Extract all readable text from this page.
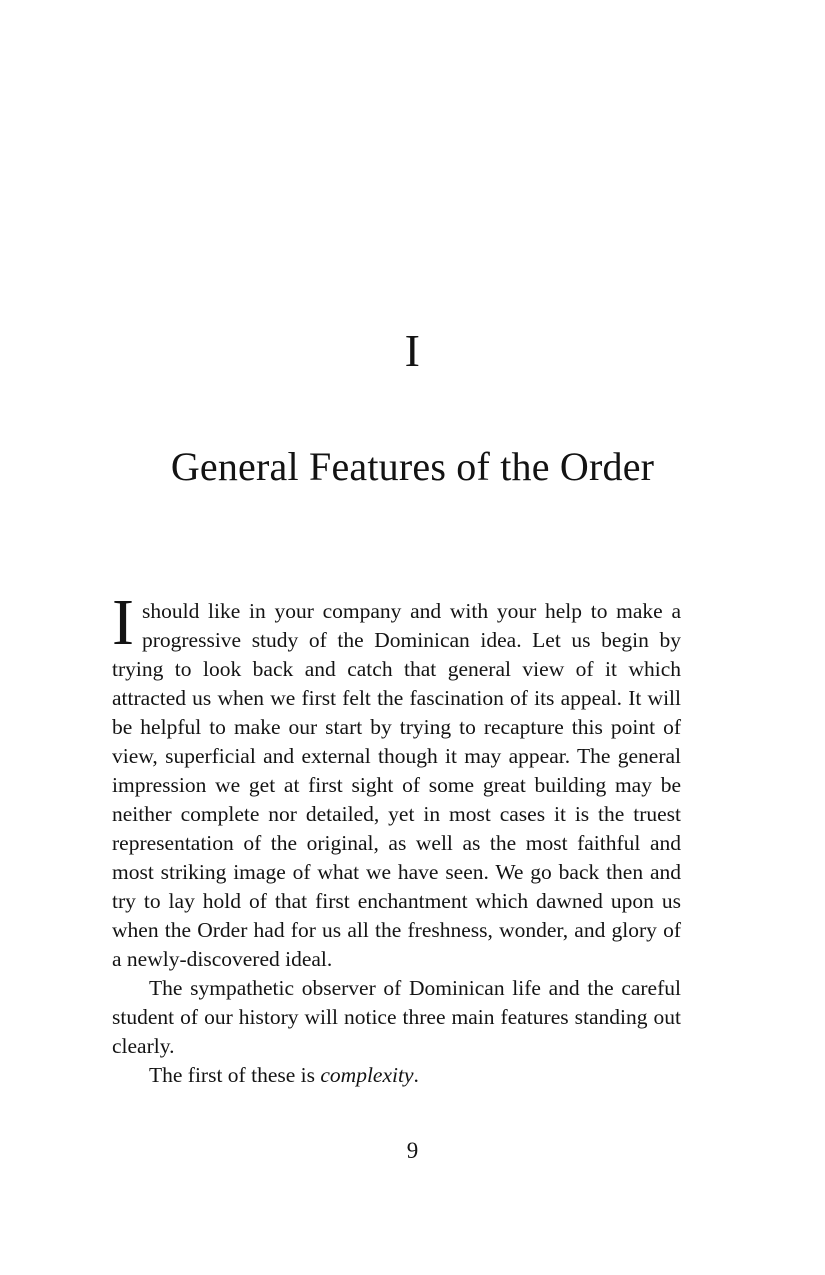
I
General Features of the Order

Ishould like in your company and with your help to make a progressive study of the Dominican idea. Let us begin by trying to look back and catch that general view of it which attracted us when we first felt the fascination of its appeal. It will be helpful to make our start by trying to recapture this point of view, superficial and external though it may appear. The general impression we get at first sight of some great building may be neither complete nor detailed, yet in most cases it is the truest representation of the original, as well as the most faithful and most striking image of what we have seen. We go back then and try to lay hold of that first enchantment which dawned upon us when the Order had for us all the freshness, wonder, and glory of a newly-discovered ideal.

The sympathetic observer of Dominican life and the careful student of our history will notice three main features standing out clearly.

The first of these is complexity.

9
